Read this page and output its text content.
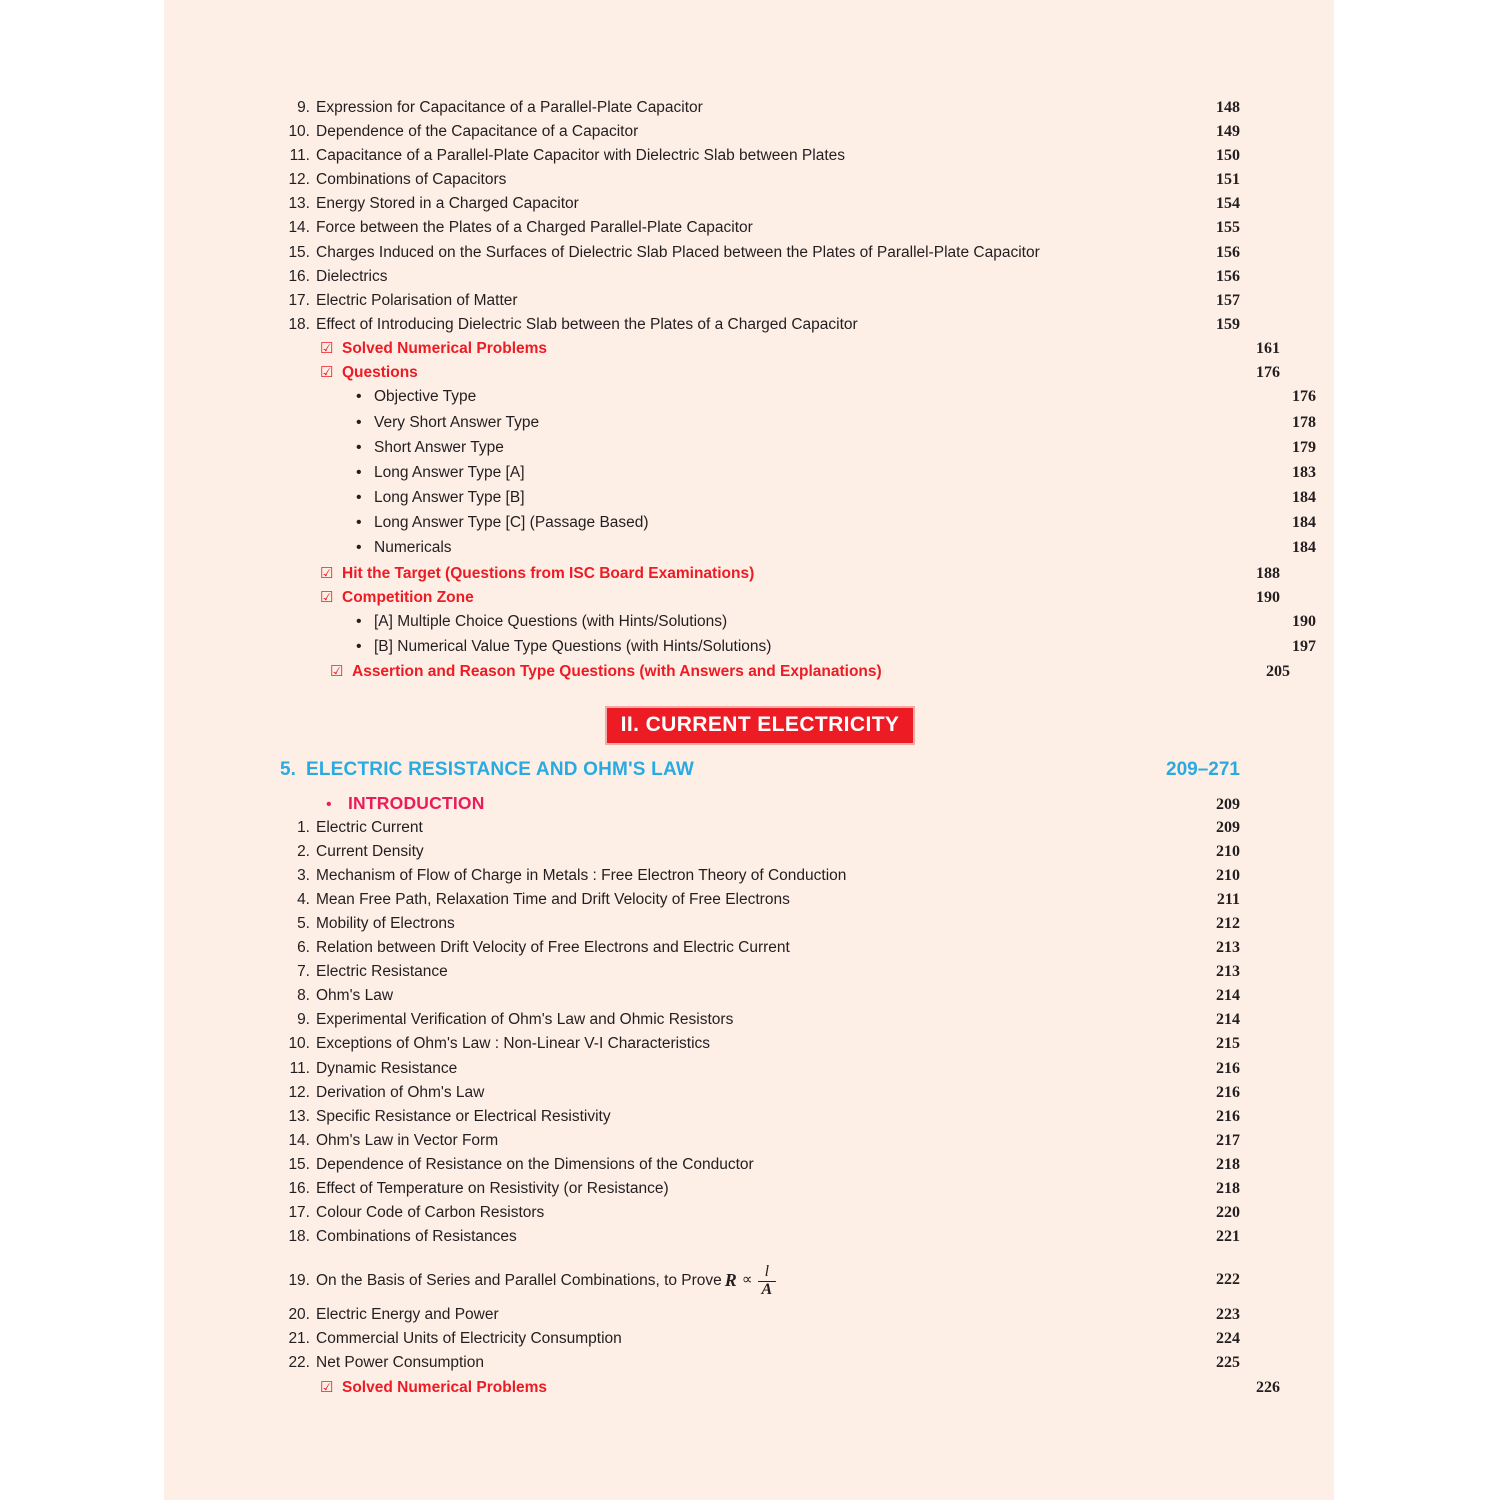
9. Expression for Capacitance of a Parallel-Plate Capacitor	148
10. Dependence of the Capacitance of a Capacitor	149
11. Capacitance of a Parallel-Plate Capacitor with Dielectric Slab between Plates	150
12. Combinations of Capacitors	151
13. Energy Stored in a Charged Capacitor	154
14. Force between the Plates of a Charged Parallel-Plate Capacitor	155
15. Charges Induced on the Surfaces of Dielectric Slab Placed between the Plates of Parallel-Plate Capacitor	156
16. Dielectrics	156
17. Electric Polarisation of Matter	157
18. Effect of Introducing Dielectric Slab between the Plates of a Charged Capacitor	159
☑ Solved Numerical Problems	161
☑ Questions	176
• Objective Type	176
• Very Short Answer Type	178
• Short Answer Type	179
• Long Answer Type [A]	183
• Long Answer Type [B]	184
• Long Answer Type [C] (Passage Based)	184
• Numericals	184
☑ Hit the Target (Questions from ISC Board Examinations)	188
☑ Competition Zone	190
• [A] Multiple Choice Questions (with Hints/Solutions)	190
• [B] Numerical Value Type Questions (with Hints/Solutions)	197
☑ Assertion and Reason Type Questions (with Answers and Explanations)	205
II. CURRENT ELECTRICITY
5. ELECTRIC RESISTANCE AND OHM'S LAW	209–271
• INTRODUCTION	209
1. Electric Current	209
2. Current Density	210
3. Mechanism of Flow of Charge in Metals : Free Electron Theory of Conduction	210
4. Mean Free Path, Relaxation Time and Drift Velocity of Free Electrons	211
5. Mobility of Electrons	212
6. Relation between Drift Velocity of Free Electrons and Electric Current	213
7. Electric Resistance	213
8. Ohm's Law	214
9. Experimental Verification of Ohm's Law and Ohmic Resistors	214
10. Exceptions of Ohm's Law : Non-Linear V-I Characteristics	215
11. Dynamic Resistance	216
12. Derivation of Ohm's Law	216
13. Specific Resistance or Electrical Resistivity	216
14. Ohm's Law in Vector Form	217
15. Dependence of Resistance on the Dimensions of the Conductor	218
16. Effect of Temperature on Resistivity (or Resistance)	218
17. Colour Code of Carbon Resistors	220
18. Combinations of Resistances	221
19. On the Basis of Series and Parallel Combinations, to Prove $R \propto \frac{l}{A}$	222
20. Electric Energy and Power	223
21. Commercial Units of Electricity Consumption	224
22. Net Power Consumption	225
☑ Solved Numerical Problems	226
